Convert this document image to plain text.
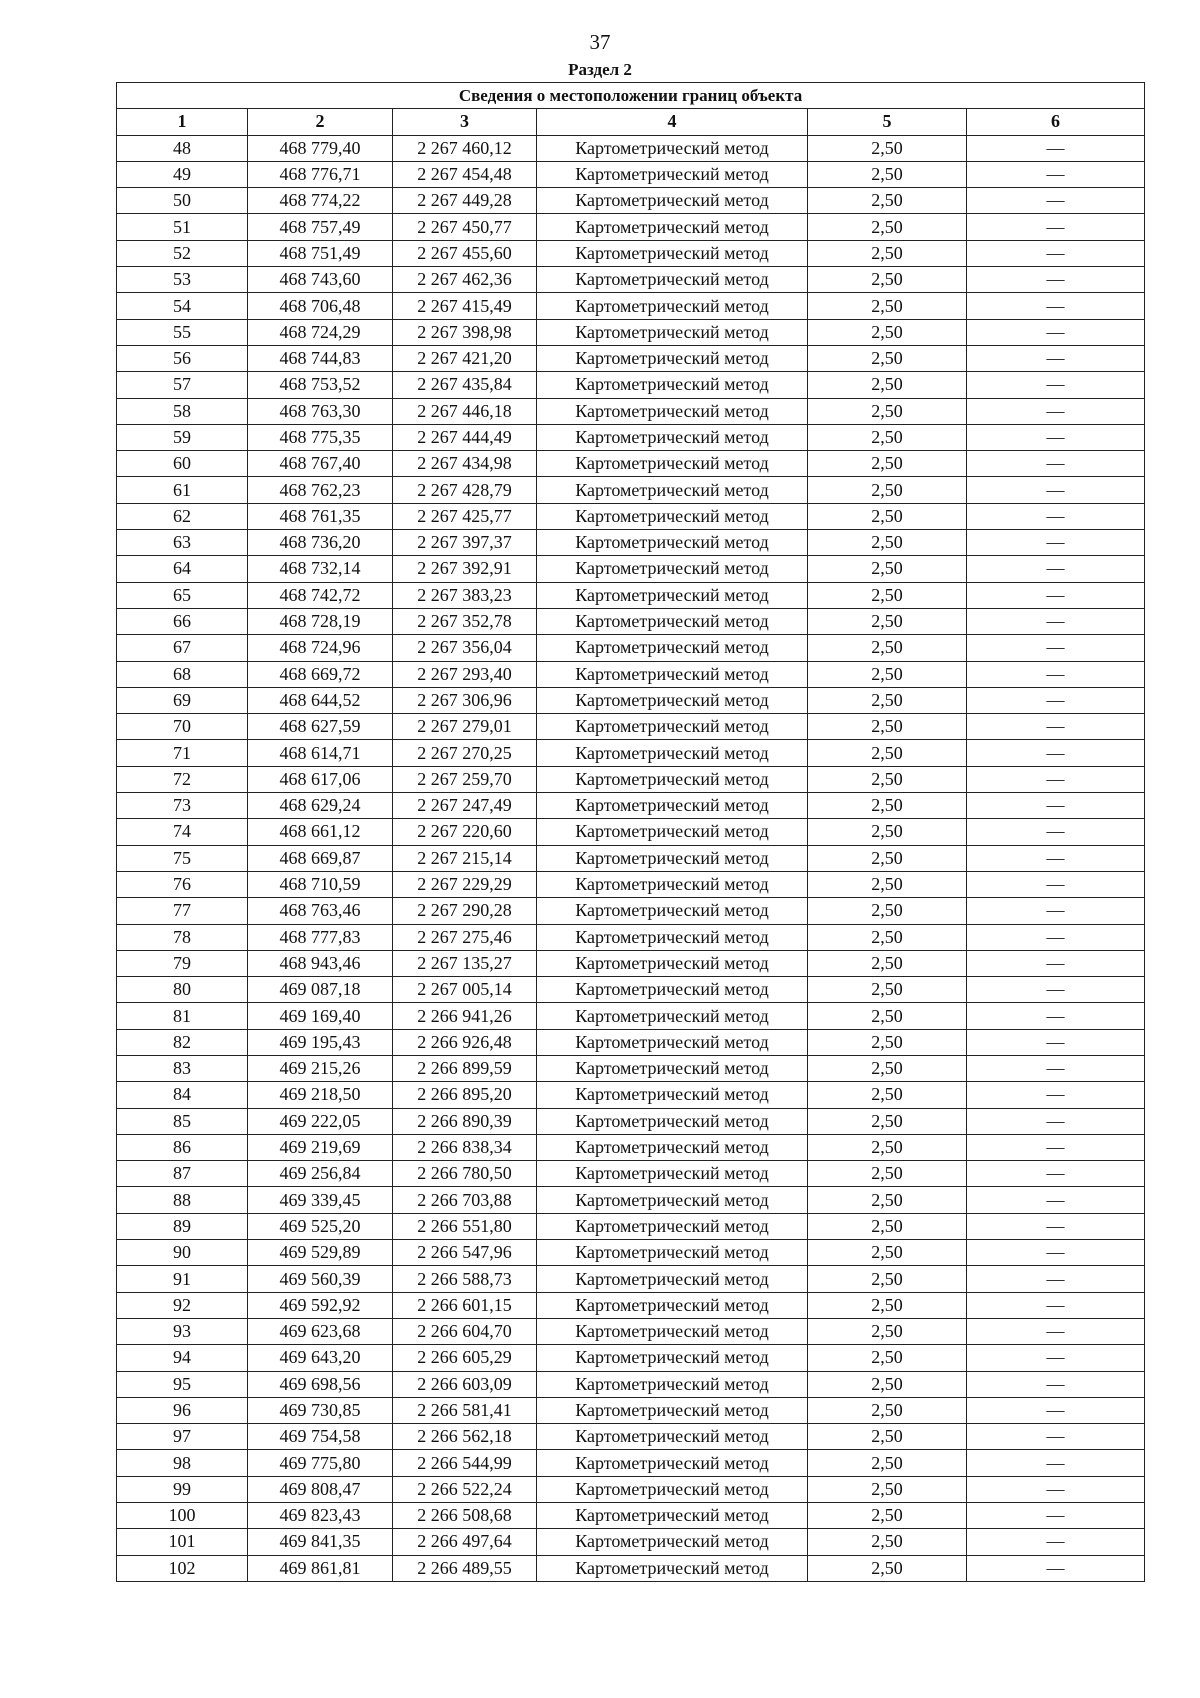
37
Раздел 2
Сведения о местоположении границ объекта					
1	2	3	4	5	6
48	468 779,40	2 267 460,12	Картометрический метод	2,50	—
49	468 776,71	2 267 454,48	Картометрический метод	2,50	—
50	468 774,22	2 267 449,28	Картометрический метод	2,50	—
51	468 757,49	2 267 450,77	Картометрический метод	2,50	—
52	468 751,49	2 267 455,60	Картометрический метод	2,50	—
53	468 743,60	2 267 462,36	Картометрический метод	2,50	—
54	468 706,48	2 267 415,49	Картометрический метод	2,50	—
55	468 724,29	2 267 398,98	Картометрический метод	2,50	—
56	468 744,83	2 267 421,20	Картометрический метод	2,50	—
57	468 753,52	2 267 435,84	Картометрический метод	2,50	—
58	468 763,30	2 267 446,18	Картометрический метод	2,50	—
59	468 775,35	2 267 444,49	Картометрический метод	2,50	—
60	468 767,40	2 267 434,98	Картометрический метод	2,50	—
61	468 762,23	2 267 428,79	Картометрический метод	2,50	—
62	468 761,35	2 267 425,77	Картометрический метод	2,50	—
63	468 736,20	2 267 397,37	Картометрический метод	2,50	—
64	468 732,14	2 267 392,91	Картометрический метод	2,50	—
65	468 742,72	2 267 383,23	Картометрический метод	2,50	—
66	468 728,19	2 267 352,78	Картометрический метод	2,50	—
67	468 724,96	2 267 356,04	Картометрический метод	2,50	—
68	468 669,72	2 267 293,40	Картометрический метод	2,50	—
69	468 644,52	2 267 306,96	Картометрический метод	2,50	—
70	468 627,59	2 267 279,01	Картометрический метод	2,50	—
71	468 614,71	2 267 270,25	Картометрический метод	2,50	—
72	468 617,06	2 267 259,70	Картометрический метод	2,50	—
73	468 629,24	2 267 247,49	Картометрический метод	2,50	—
74	468 661,12	2 267 220,60	Картометрический метод	2,50	—
75	468 669,87	2 267 215,14	Картометрический метод	2,50	—
76	468 710,59	2 267 229,29	Картометрический метод	2,50	—
77	468 763,46	2 267 290,28	Картометрический метод	2,50	—
78	468 777,83	2 267 275,46	Картометрический метод	2,50	—
79	468 943,46	2 267 135,27	Картометрический метод	2,50	—
80	469 087,18	2 267 005,14	Картометрический метод	2,50	—
81	469 169,40	2 266 941,26	Картометрический метод	2,50	—
82	469 195,43	2 266 926,48	Картометрический метод	2,50	—
83	469 215,26	2 266 899,59	Картометрический метод	2,50	—
84	469 218,50	2 266 895,20	Картометрический метод	2,50	—
85	469 222,05	2 266 890,39	Картометрический метод	2,50	—
86	469 219,69	2 266 838,34	Картометрический метод	2,50	—
87	469 256,84	2 266 780,50	Картометрический метод	2,50	—
88	469 339,45	2 266 703,88	Картометрический метод	2,50	—
89	469 525,20	2 266 551,80	Картометрический метод	2,50	—
90	469 529,89	2 266 547,96	Картометрический метод	2,50	—
91	469 560,39	2 266 588,73	Картометрический метод	2,50	—
92	469 592,92	2 266 601,15	Картометрический метод	2,50	—
93	469 623,68	2 266 604,70	Картометрический метод	2,50	—
94	469 643,20	2 266 605,29	Картометрический метод	2,50	—
95	469 698,56	2 266 603,09	Картометрический метод	2,50	—
96	469 730,85	2 266 581,41	Картометрический метод	2,50	—
97	469 754,58	2 266 562,18	Картометрический метод	2,50	—
98	469 775,80	2 266 544,99	Картометрический метод	2,50	—
99	469 808,47	2 266 522,24	Картометрический метод	2,50	—
100	469 823,43	2 266 508,68	Картометрический метод	2,50	—
101	469 841,35	2 266 497,64	Картометрический метод	2,50	—
102	469 861,81	2 266 489,55	Картометрический метод	2,50	—
